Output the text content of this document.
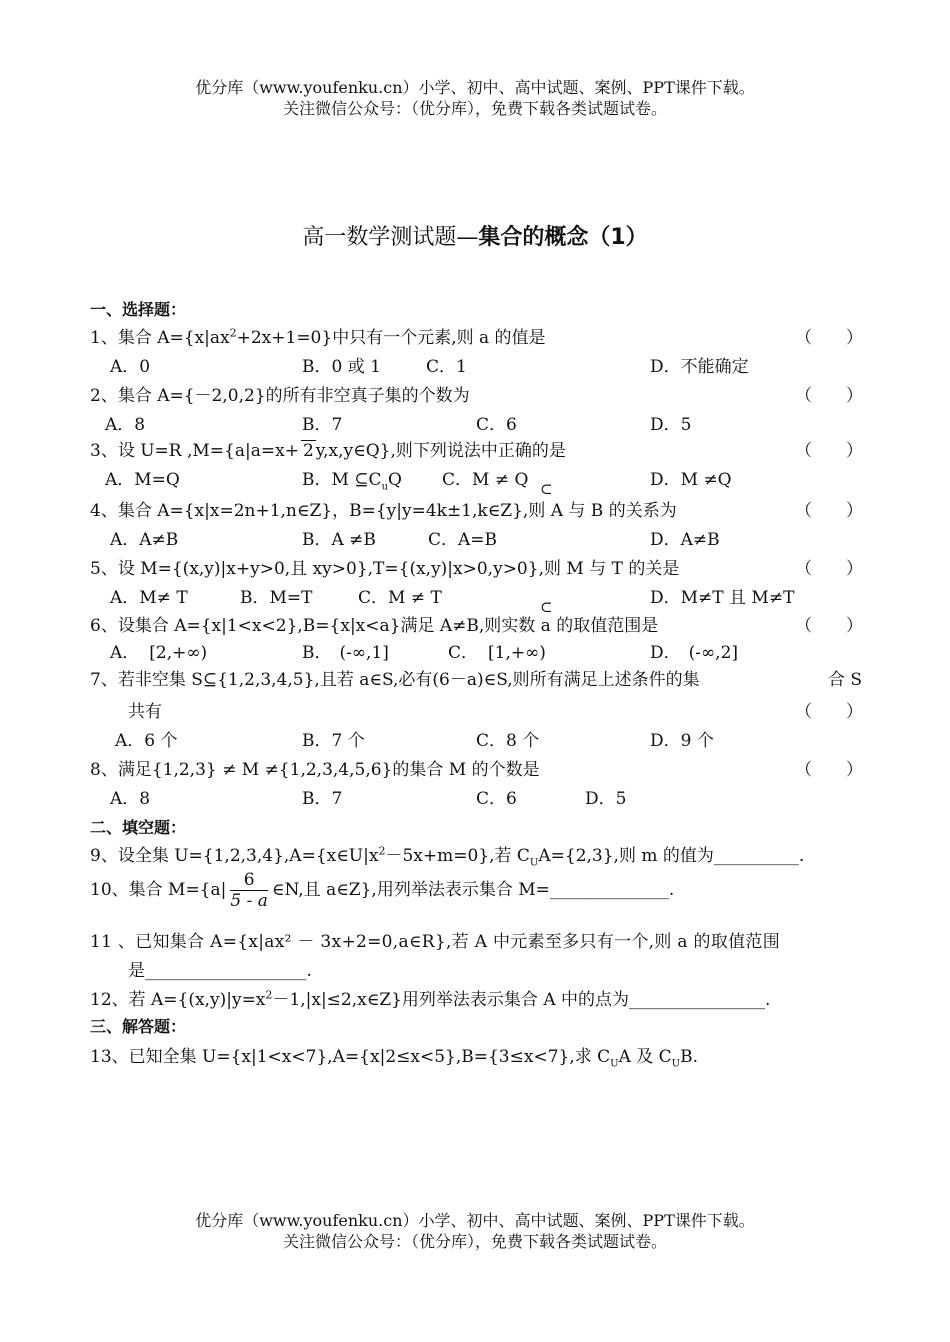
优分库（www.youfenku.cn）小学、初中、高中试题、案例、PPT课件下载。
关注微信公众号：（优分库），免费下载各类试题试卷。
高一数学测试题—集合的概念（1）
一、选择题：
1、集合 $A=\{x|ax^2+2x+1=0\}$中只有一个元素,则 a 的值是	（　　）
A．0	B．0 或 1	C．1	D．不能确定
2、集合 A={－2,0,2}的所有非空真子集的个数为	（　　）
A．8	B．7	C．6	D．5
3、设 U=R ,M={a|a=x+ 2 y,x,y∈Q},则下列说法中正确的是	（　　）
A．M=Q	B．M $⊆C_uQ$ C．M ≠ Q ⊂	D．M ≠Q
4、集合 A={x|x=2n+1,n∈Z}，B={y|y=4k±1,k∈Z},则 A 与 B 的关系为	（　　）
A．A≠B	B．A ≠B	C．A=B	D．A≠B
5、设 M={(x,y)|x+y>0,且 xy>0},T={(x,y)|x>0,y>0},则 M 与 T 的关是	（　　）
A．M≠ T	B．M=T	C．M ≠ T	⊂	D．M≠T 且 M≠T
6、设集合 A={x|1<x<2},B={x|x<a}满足 A≠B,则实数 a 的取值范围是	（　　）
A． [2,+∞)	B． (-∞,1]	C． [1,+∞)	D． (-∞,2]
7、若非空集 S⊆{1,2,3,4,5},且若 a∈S,必有(6－a)∈S,则所有满足上述条件的集	合 S
共有	（　　）
A．6 个	B．7 个	C．8 个	D．9 个
8、满足{1,2,3} ≠ M ≠{1,2,3,4,5,6}的集合 M 的个数是	（　　）
A．8	B．7	C．6	D．5
二、填空题：
9、设全集 $U=\{1,2,3,4\},A=\{x\in U|x^2-5x+m=0\}$,若 $C_UA=\{2,3\}$,则 m 的值为__________.
10、集合 $M=\{a| \frac{6}{5 - a}$ ∈N,且 a∈Z},用列举法表示集合 M=______________.
11 、已知集合 A={x|ax² － 3x+2=0,a∈R},若 A 中元素至多只有一个,则 a 的取值范围
是___________________.
12、若 $A=\{(x,y)|y=x^2-1,|x|\le 2,x\in Z\}$用列举法表示集合 A 中的点为________________.
三、解答题：
13、已知全集 U={x|1<x<7},A={x|2≤x<5},B={3≤x<7},求 $C_UA$ 及 $C_UB$.
优分库（www.youfenku.cn）小学、初中、高中试题、案例、PPT课件下载。
关注微信公众号：（优分库），免费下载各类试题试卷。
